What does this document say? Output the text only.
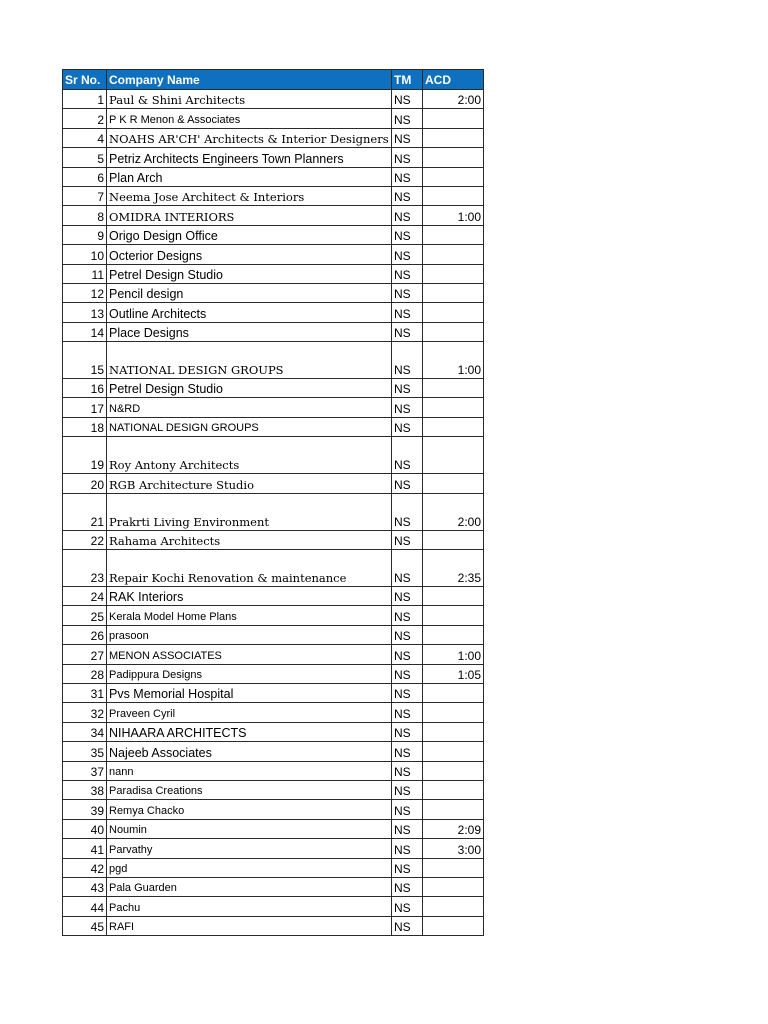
Sr No.	Company Name	TM	ACD
1	Paul & Shini Architects	NS	2:00
2	P K R Menon & Associates	NS	
4	NOAHS AR'CH' Architects & Interior Designers	NS	
5	Petriz Architects Engineers Town Planners	NS	
6	Plan Arch	NS	
7	Neema Jose Architect & Interiors	NS	
8	OMIDRA INTERIORS	NS	1:00
9	Origo Design Office	NS	
10	Octerior Designs	NS	
11	Petrel Design Studio	NS	
12	Pencil design	NS	
13	Outline Architects	NS	
14	Place Designs	NS	
15	NATIONAL DESIGN GROUPS	NS	1:00
16	Petrel Design Studio	NS	
17	N&RD	NS	
18	NATIONAL DESIGN GROUPS	NS	
19	Roy Antony Architects	NS	
20	RGB Architecture Studio	NS	
21	Prakrti Living Environment	NS	2:00
22	Rahama Architects	NS	
23	Repair Kochi Renovation & maintenance	NS	2:35
24	RAK Interiors	NS	
25	Kerala Model Home Plans	NS	
26	prasoon	NS	
27	MENON ASSOCIATES	NS	1:00
28	Padippura Designs	NS	1:05
31	Pvs Memorial Hospital	NS	
32	Praveen Cyril	NS	
34	NIHAARA ARCHITECTS	NS	
35	Najeeb Associates	NS	
37	nann	NS	
38	Paradisa Creations	NS	
39	Remya Chacko	NS	
40	Noumin	NS	2:09
41	Parvathy	NS	3:00
42	pgd	NS	
43	Pala Guarden	NS	
44	Pachu	NS	
45	RAFI	NS	
